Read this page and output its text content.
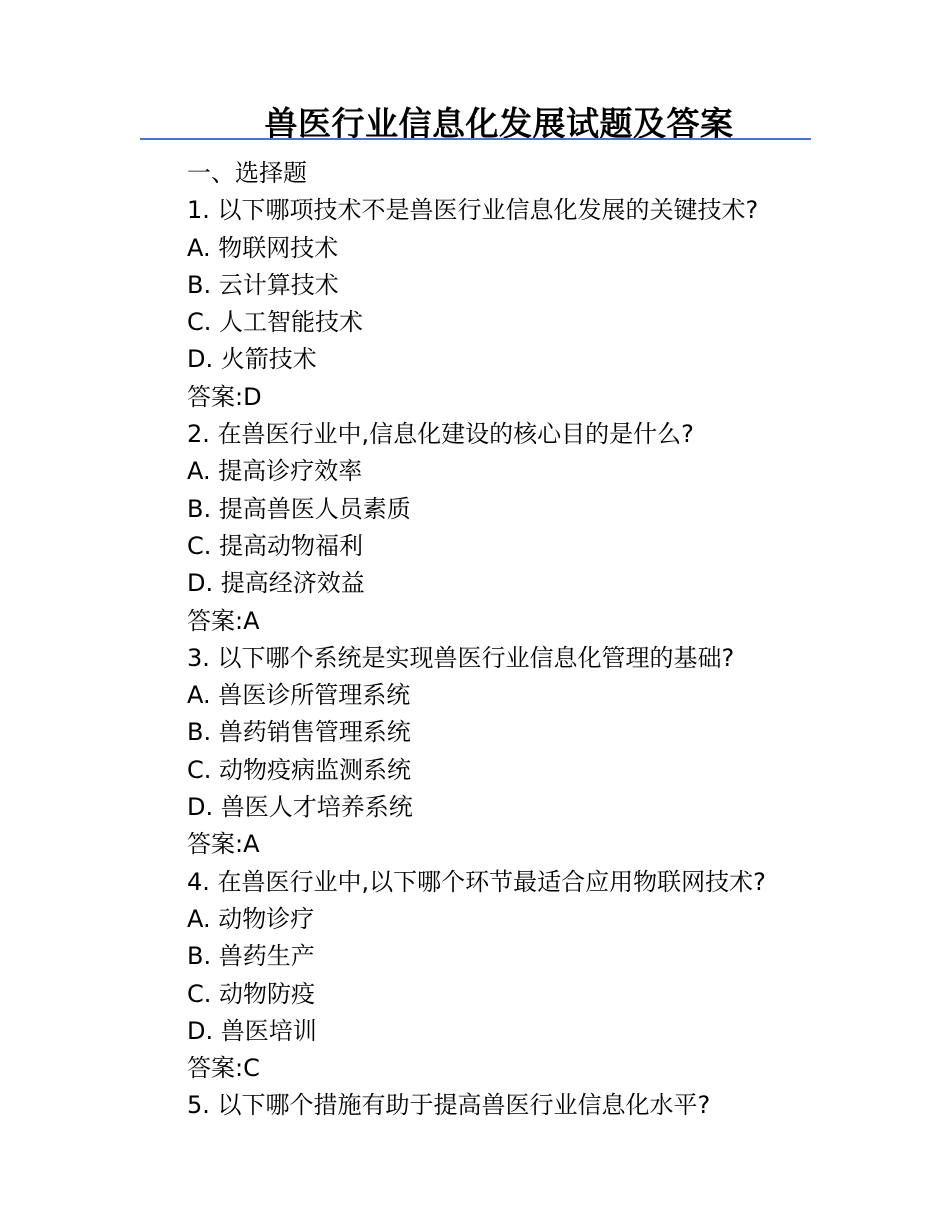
兽医行业信息化发展试题及答案
一、选择题
1. 以下哪项技术不是兽医行业信息化发展的关键技术?
A. 物联网技术
B. 云计算技术
C. 人工智能技术
D. 火箭技术
答案:D
2. 在兽医行业中,信息化建设的核心目的是什么?
A. 提高诊疗效率
B. 提高兽医人员素质
C. 提高动物福利
D. 提高经济效益
答案:A
3. 以下哪个系统是实现兽医行业信息化管理的基础?
A. 兽医诊所管理系统
B. 兽药销售管理系统
C. 动物疫病监测系统
D. 兽医人才培养系统
答案:A
4. 在兽医行业中,以下哪个环节最适合应用物联网技术?
A. 动物诊疗
B. 兽药生产
C. 动物防疫
D. 兽医培训
答案:C
5. 以下哪个措施有助于提高兽医行业信息化水平?
